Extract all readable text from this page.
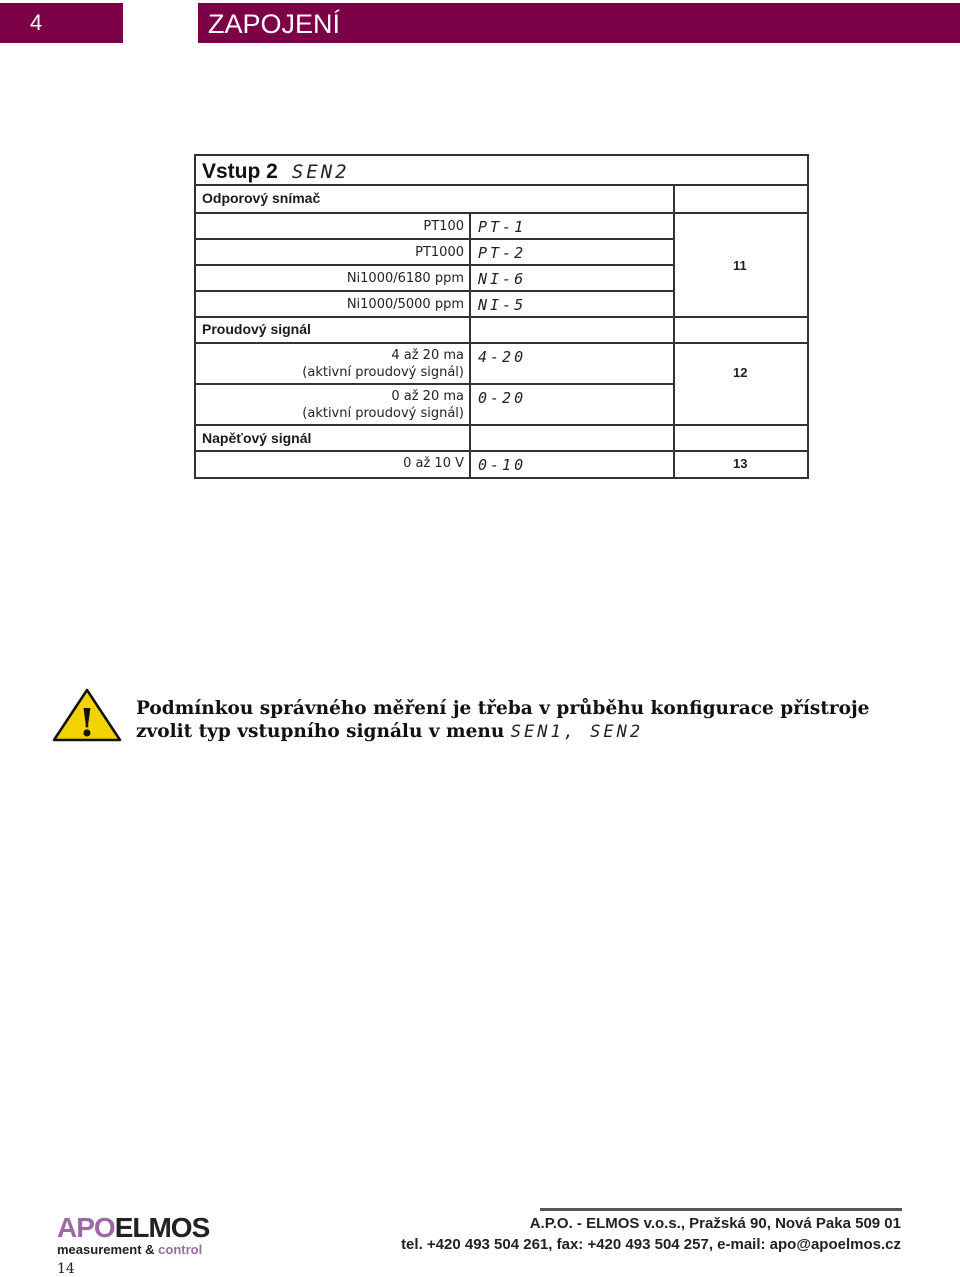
4	ZAPOJENÍ
Vstup 2 SEN2
Odporový snímač
Proudový signál
Napěťový signál
PT100 PT-1
PT1000 PT-2
Ni1000/6180 ppm NI-6
Ni1000/5000 ppm NI-5
4 až 20 ma
(aktivní proudový signál)
4-20
0 až 20 ma
(aktivní proudový signál)
0-20
0 až 10 V 0-10
11
12
13
! Podmínkou správného měření je třeba v průběhu konfigurace přístroje
zvolit typ vstupního signálu v menu SEN1, SEN2
APOELMOS
measurement & control
A.P.O. - ELMOS v.o.s., Pražská 90, Nová Paka 509 01
tel. +420 493 504 261, fax: +420 493 504 257, e-mail: apo@apoelmos.cz
14
